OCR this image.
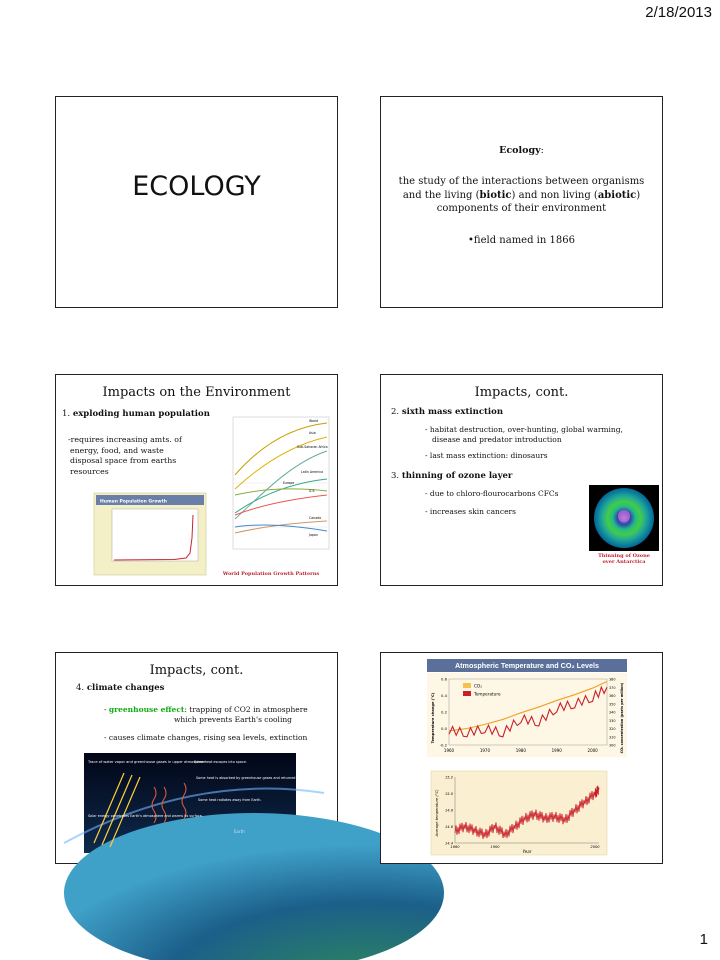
2/18/2013
ECOLOGY
Ecology:
the study of the interactions between organisms
and the living (biotic) and non living (abiotic)
components of their environment
•field named in 1866
Impacts on the Environment
1. exploding human population
-requires increasing amts. of
energy, food, and waste
disposal space from earths
resources
Human Population Growth
World
Asia
Sub-Saharan Africa
Latin America
Europe
U.S.
Canada
Japan
World Population Growth Patterns
Impacts, cont.
2. sixth mass extinction
- habitat destruction, over-hunting, global warming,
disease and predator introduction
- last mass extinction: dinosaurs
3. thinning of ozone layer
- due to chloro-flourocarbons CFCs
- increases skin cancers
Thinning of Ozone
over Antarctica
Impacts, cont.
4. climate changes
- greenhouse effect: trapping of CO2 in atmosphere
which prevents Earth's cooling
- causes climate changes, rising sea levels, extinction
Trace of water vapor and greenhouse gases in upper atmosphere
Some heat escapes into space.
Some heat is absorbed by greenhouse gases and returned to Earth.
Some heat radiates away from Earth.
Solar energy penetrates Earth's atmosphere and warms its surface.
Earth
Atmospheric Temperature and CO₂ Levels
-0.2
0.0
0.2
0.4
0.6
300
310
320
330
340
350
360
370
380
1960	1970	1980	1990	2000
CO₂
Temperature
Temperature change (°C)	CO₂ concentration (parts per million)
14.4
14.6
14.8
15.0
15.2
1860	1900	2000
Average temperature (°C)
Year
1
